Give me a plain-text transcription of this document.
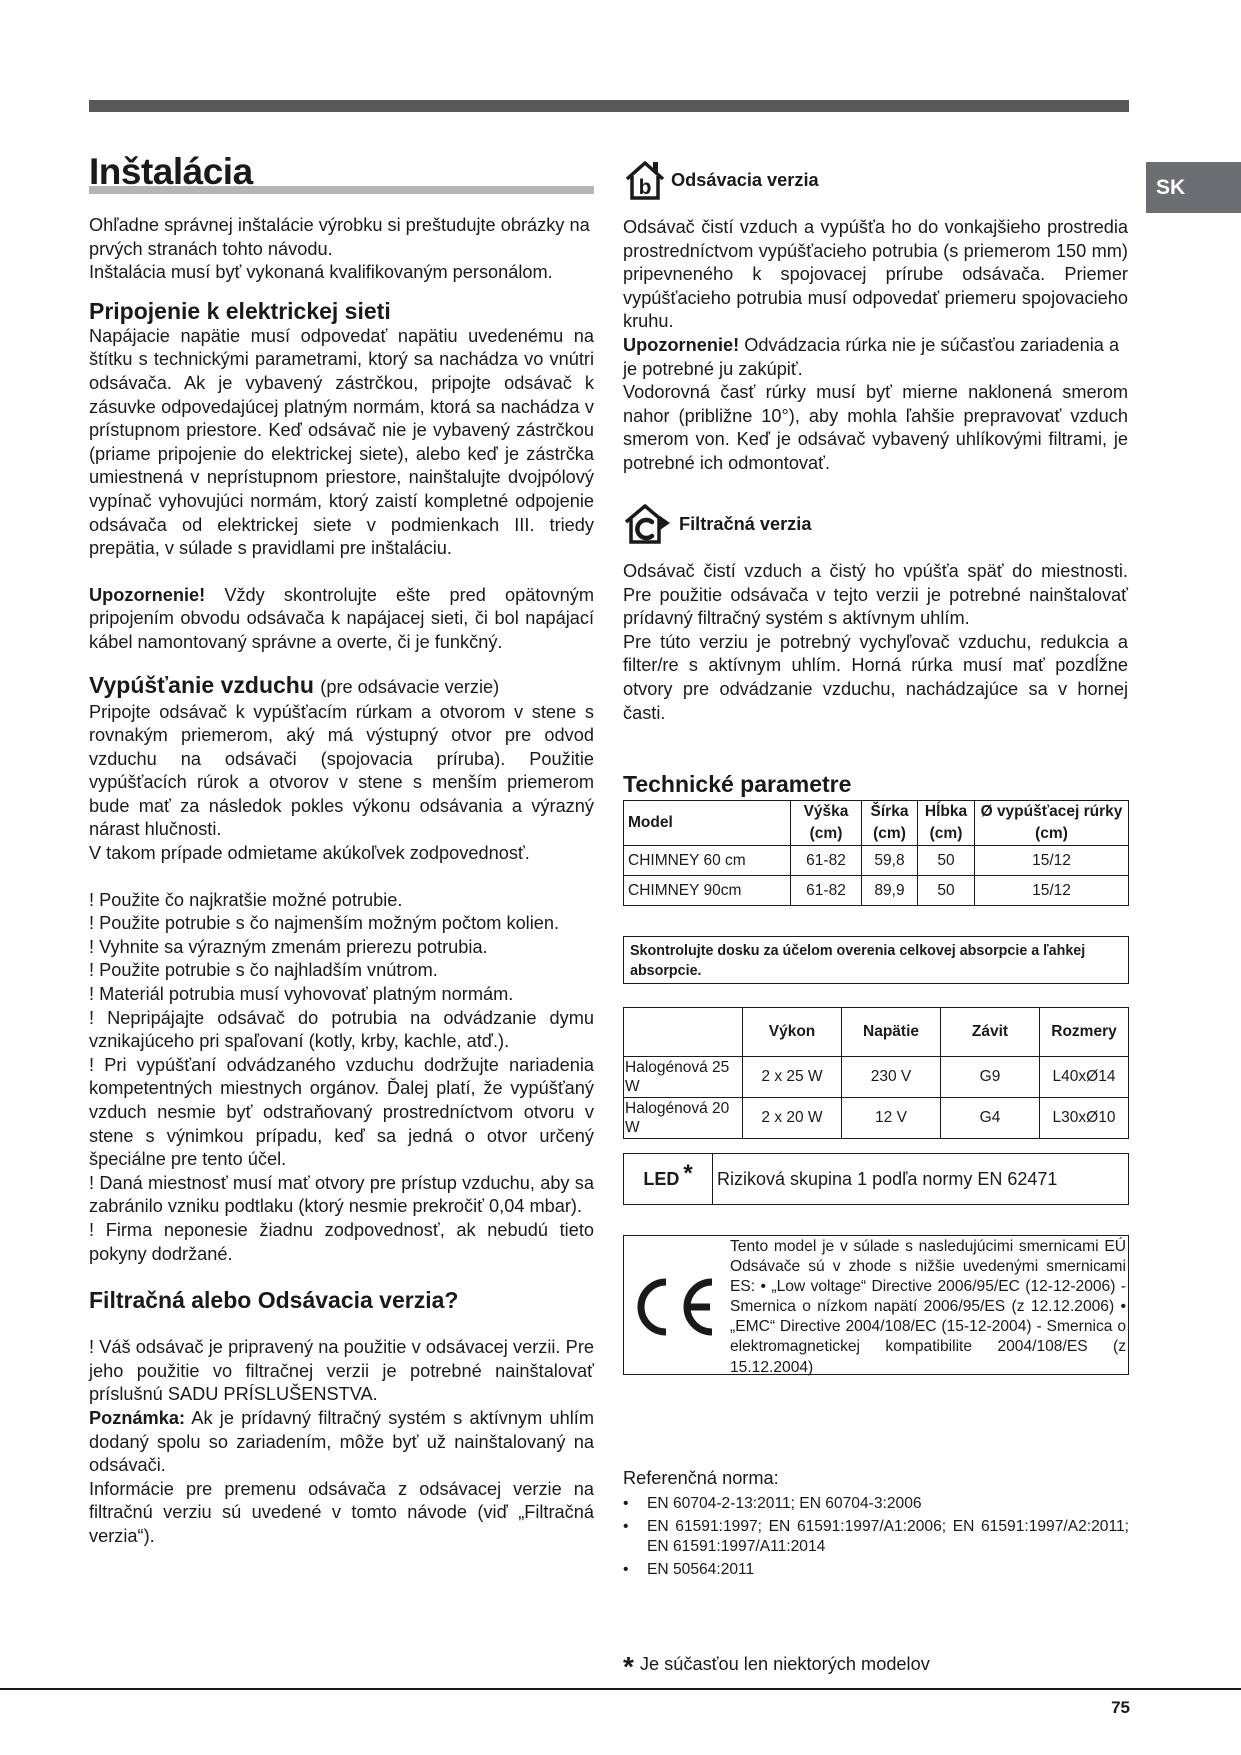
SK
75
Inštalácia

Ohľadne správnej inštalácie výrobku si preštudujte obrázky na prvých stranách tohto návodu.

Inštalácia musí byť vykonaná kvalifikovaným personálom.

Pripojenie k elektrickej sieti

Napájacie napätie musí odpovedať napätiu uvedenému na štítku s technickými parametrami, ktorý sa nachádza vo vnútri odsávača. Ak je vybavený zástrčkou, pripojte odsávač k zásuvke odpovedajúcej platným normám, ktorá sa nachádza v prístupnom priestore. Keď odsávač nie je vybavený zástrčkou (priame pripojenie do elektrickej siete), alebo keď je zástrčka umiestnená v neprístupnom priestore, nainštalujte dvojpólový vypínač vyhovujúci normám, ktorý zaistí kompletné odpojenie odsávača od elektrickej siete v podmienkach III. triedy prepätia, v súlade s pravidlami pre inštaláciu.

Upozornenie! Vždy skontrolujte ešte pred opätovným pripojením obvodu odsávača k napájacej sieti, či bol napájací kábel namontovaný správne a overte, či je funkčný.

Vypúšťanie vzduchu (pre odsávacie verzie)

Pripojte odsávač k vypúšťacím rúrkam a otvorom v stene s rovnakým priemerom, aký má výstupný otvor pre odvod vzduchu na odsávači (spojovacia príruba). Použitie vypúšťacích rúrok a otvorov v stene s menším priemerom bude mať za následok pokles výkonu odsávania a výrazný nárast hlučnosti.

V takom prípade odmietame akúkoľvek zodpovednosť.

! Použite čo najkratšie možné potrubie.

! Použite potrubie s čo najmenším možným počtom kolien.

! Vyhnite sa výrazným zmenám prierezu potrubia.

! Použite potrubie s čo najhladším vnútrom.

! Materiál potrubia musí vyhovovať platným normám.

! Nepripájajte odsávač do potrubia na odvádzanie dymu vznikajúceho pri spaľovaní (kotly, krby, kachle, atď.).

! Pri vypúšťaní odvádzaného vzduchu dodržujte nariadenia kompetentných miestnych orgánov. Ďalej platí, že vypúšťaný vzduch nesmie byť odstraňovaný prostredníctvom otvoru v stene s výnimkou prípadu, keď sa jedná o otvor určený špeciálne pre tento účel.

! Daná miestnosť musí mať otvory pre prístup vzduchu, aby sa zabránilo vzniku podtlaku (ktorý nesmie prekročiť 0,04 mbar).

! Firma neponesie žiadnu zodpovednosť, ak nebudú tieto pokyny dodržané.

Filtračná alebo Odsávacia verzia?

! Váš odsávač je pripravený na použitie v odsávacej verzii. Pre jeho použitie vo filtračnej verzii je potrebné nainštalovať príslušnú SADU PRÍSLUŠENSTVA.

Poznámka: Ak je prídavný filtračný systém s aktívnym uhlím dodaný spolu so zariadením, môže byť už nainštalovaný na odsávači.

Informácie pre premenu odsávača z odsávacej verzie na filtračnú verziu sú uvedené v tomto návode (viď „Filtračná verzia“).

b Odsávacia verzia

Odsávač čistí vzduch a vypúšťa ho do vonkajšieho prostredia prostredníctvom vypúšťacieho potrubia (s priemerom 150 mm) pripevneného k spojovacej prírube odsávača. Priemer vypúšťacieho potrubia musí odpovedať priemeru spojovacieho kruhu.

Upozornenie! Odvádzacia rúrka nie je súčasťou zariadenia a je potrebné ju zakúpiť.

Vodorovná časť rúrky musí byť mierne naklonená smerom nahor (približne 10°), aby mohla ľahšie prepravovať vzduch smerom von. Keď je odsávač vybavený uhlíkovými filtrami, je potrebné ich odmontovať.

Filtračná verzia

Odsávač čistí vzduch a čistý ho vpúšťa späť do miestnosti. Pre použitie odsávača v tejto verzii je potrebné nainštalovať prídavný filtračný systém s aktívnym uhlím.

Pre túto verziu je potrebný vychyľovač vzduchu, redukcia a filter/re s aktívnym uhlím. Horná rúrka musí mať pozdĺžne otvory pre odvádzanie vzduchu, nachádzajúce sa v hornej časti.

Technické parametre
Model	Výška (cm)	Šírka (cm)	Hĺbka (cm)	Ø vypúšťacej rúrky (cm)
CHIMNEY 60 cm	61-82	59,8	50	15/12
CHIMNEY 90cm	61-82	89,9	50	15/12
Skontrolujte dosku za účelom overenia celkovej absorpcie a ľahkej absorpcie.
	Výkon	Napätie	Závit	Rozmery
Halogénová 25 W	2 x 25 W	230 V	G9	L40xØ14
Halogénová 20 W	2 x 20 W	12 V	G4	L30xØ10
LED * Riziková skupina 1 podľa normy EN 62471
Tento model je v súlade s nasledujúcimi smernicami EÚ Odsávače sú v zhode s nižšie uvedenými smernicami ES: • „Low voltage“ Directive 2006/95/EC (12-12-2006) - Smernica o nízkom napätí 2006/95/ES (z 12.12.2006) • „EMC“ Directive 2004/108/EC (15-12-2004) - Smernica o elektromagnetickej kompatibilite 2004/108/ES (z 15.12.2004)
Referenčná norma:
• EN 60704-2-13:2011; EN 60704-3:2006
• EN 61591:1997; EN 61591:1997/A1:2006; EN 61591:1997/A2:2011; EN 61591:1997/A11:2014
• EN 50564:2011
* Je súčasťou len niektorých modelov
